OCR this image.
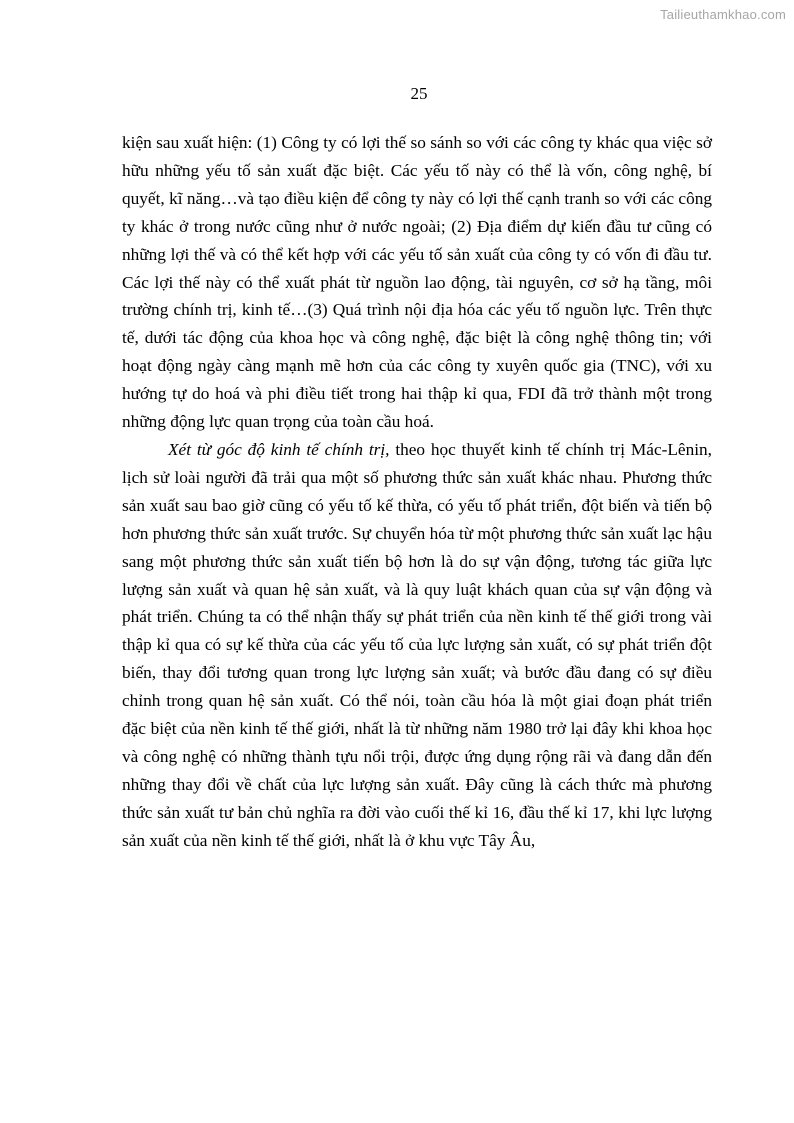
Tailieuthamkhao.com
25

kiện sau xuất hiện: (1) Công ty có lợi thế so sánh so với các công ty khác qua việc sở hữu những yếu tố sản xuất đặc biệt. Các yếu tố này có thể là vốn, công nghệ, bí quyết, kĩ năng…và tạo điều kiện để công ty này có lợi thế cạnh tranh so với các công ty khác ở trong nước cũng như ở nước ngoài; (2) Địa điểm dự kiến đầu tư cũng có những lợi thế và có thể kết hợp với các yếu tố sản xuất của công ty có vốn đi đầu tư. Các lợi thế này có thể xuất phát từ nguồn lao động, tài nguyên, cơ sở hạ tầng, môi trường chính trị, kinh tế…(3) Quá trình nội địa hóa các yếu tố nguồn lực. Trên thực tế, dưới tác động của khoa học và công nghệ, đặc biệt là công nghệ thông tin; với hoạt động ngày càng mạnh mẽ hơn của các công ty xuyên quốc gia (TNC), với xu hướng tự do hoá và phi điều tiết trong hai thập kỉ qua, FDI đã trở thành một trong những động lực quan trọng của toàn cầu hoá.

Xét từ góc độ kinh tế chính trị, theo học thuyết kinh tế chính trị Mác-Lênin, lịch sử loài người đã trải qua một số phương thức sản xuất khác nhau. Phương thức sản xuất sau bao giờ cũng có yếu tố kế thừa, có yếu tố phát triển, đột biến và tiến bộ hơn phương thức sản xuất trước. Sự chuyển hóa từ một phương thức sản xuất lạc hậu sang một phương thức sản xuất tiến bộ hơn là do sự vận động, tương tác giữa lực lượng sản xuất và quan hệ sản xuất, và là quy luật khách quan của sự vận động và phát triển. Chúng ta có thể nhận thấy sự phát triển của nền kinh tế thế giới trong vài thập kỉ qua có sự kế thừa của các yếu tố của lực lượng sản xuất, có sự phát triển đột biến, thay đổi tương quan trong lực lượng sản xuất; và bước đầu đang có sự điều chỉnh trong quan hệ sản xuất. Có thể nói, toàn cầu hóa là một giai đoạn phát triển đặc biệt của nền kinh tế thế giới, nhất là từ những năm 1980 trở lại đây khi khoa học và công nghệ có những thành tựu nổi trội, được ứng dụng rộng rãi và đang dẫn đến những thay đổi về chất của lực lượng sản xuất. Đây cũng là cách thức mà phương thức sản xuất tư bản chủ nghĩa ra đời vào cuối thế kỉ 16, đầu thế kỉ 17, khi lực lượng sản xuất của nền kinh tế thế giới, nhất là ở khu vực Tây Âu,
